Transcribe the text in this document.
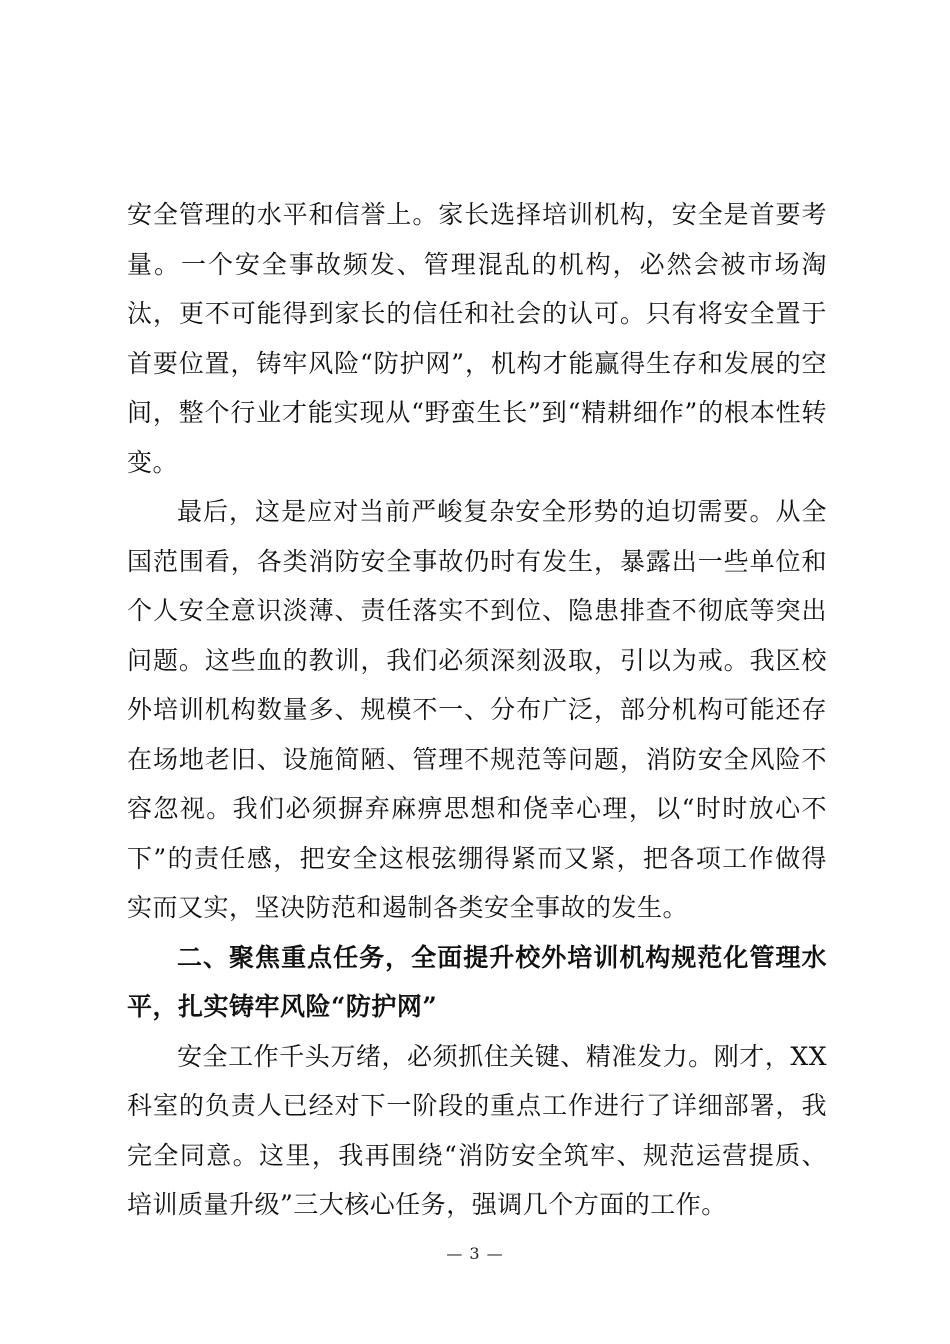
安全管理的水平和信誉上。家长选择培训机构，安全是首要考量。一个安全事故频发、管理混乱的机构，必然会被市场淘汰，更不可能得到家长的信任和社会的认可。只有将安全置于首要位置，铸牢风险“防护网”，机构才能赢得生存和发展的空间，整个行业才能实现从“野蛮生长”到“精耕细作”的根本性转变。

最后，这是应对当前严峻复杂安全形势的迫切需要。从全国范围看，各类消防安全事故仍时有发生，暴露出一些单位和个人安全意识淡薄、责任落实不到位、隐患排查不彻底等突出问题。这些血的教训，我们必须深刻汲取，引以为戒。我区校外培训机构数量多、规模不一、分布广泛，部分机构可能还存在场地老旧、设施简陋、管理不规范等问题，消防安全风险不容忽视。我们必须摒弃麻痹思想和侥幸心理，以“时时放心不下”的责任感，把安全这根弦绷得紧而又紧，把各项工作做得实而又实，坚决防范和遏制各类安全事故的发生。

二、聚焦重点任务，全面提升校外培训机构规范化管理水平，扎实铸牢风险“防护网”

安全工作千头万绪，必须抓住关键、精准发力。刚才，XX科室的负责人已经对下一阶段的重点工作进行了详细部署，我完全同意。这里，我再围绕“消防安全筑牢、规范运营提质、培训质量升级”三大核心任务，强调几个方面的工作。

— 3 —
